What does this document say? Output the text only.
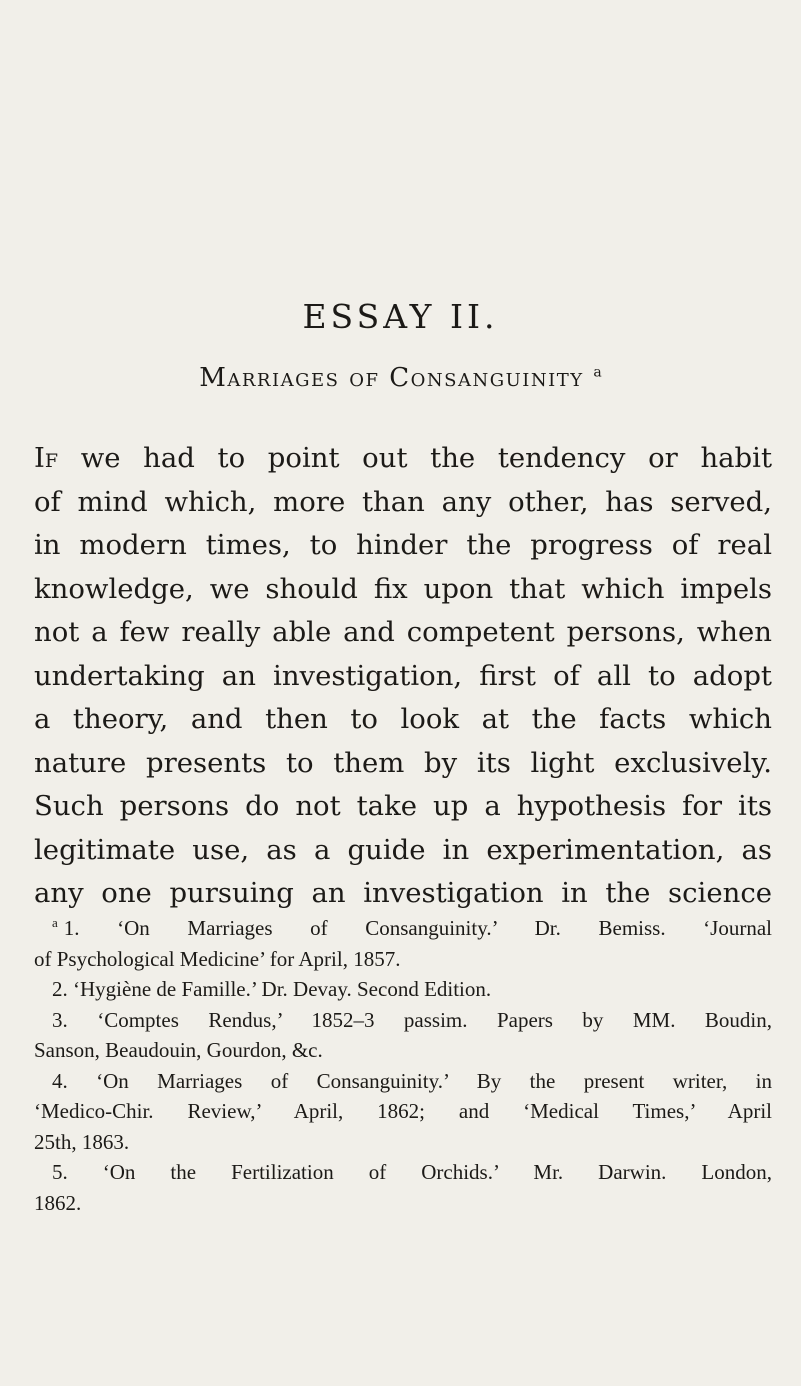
ESSAY II.
Marriages of Consanguinity $^a$
If we had to point out the tendency or habit
of mind which, more than any other, has served,
in modern times, to hinder the progress of real
knowledge, we should fix upon that which impels
not a few really able and competent persons, when
undertaking an investigation, first of all to adopt
a theory, and then to look at the facts which
nature presents to them by its light exclusively.
Such persons do not take up a hypothesis for its
legitimate use, as a guide in experimentation, as
any one pursuing an investigation in the science
$^a$ 1. ‘On Marriages of Consanguinity.’ Dr. Bemiss. ‘Journal
of Psychological Medicine’ for April, 1857.
2. ‘Hygiène de Famille.’ Dr. Devay. Second Edition.
3. ‘Comptes Rendus,’ 1852–3 passim. Papers by MM. Boudin,
Sanson, Beaudouin, Gourdon, &c.
4. ‘On Marriages of Consanguinity.’ By the present writer, in
‘Medico-Chir. Review,’ April, 1862; and ‘Medical Times,’ April
25th, 1863.
5. ‘On the Fertilization of Orchids.’ Mr. Darwin. London,
1862.
